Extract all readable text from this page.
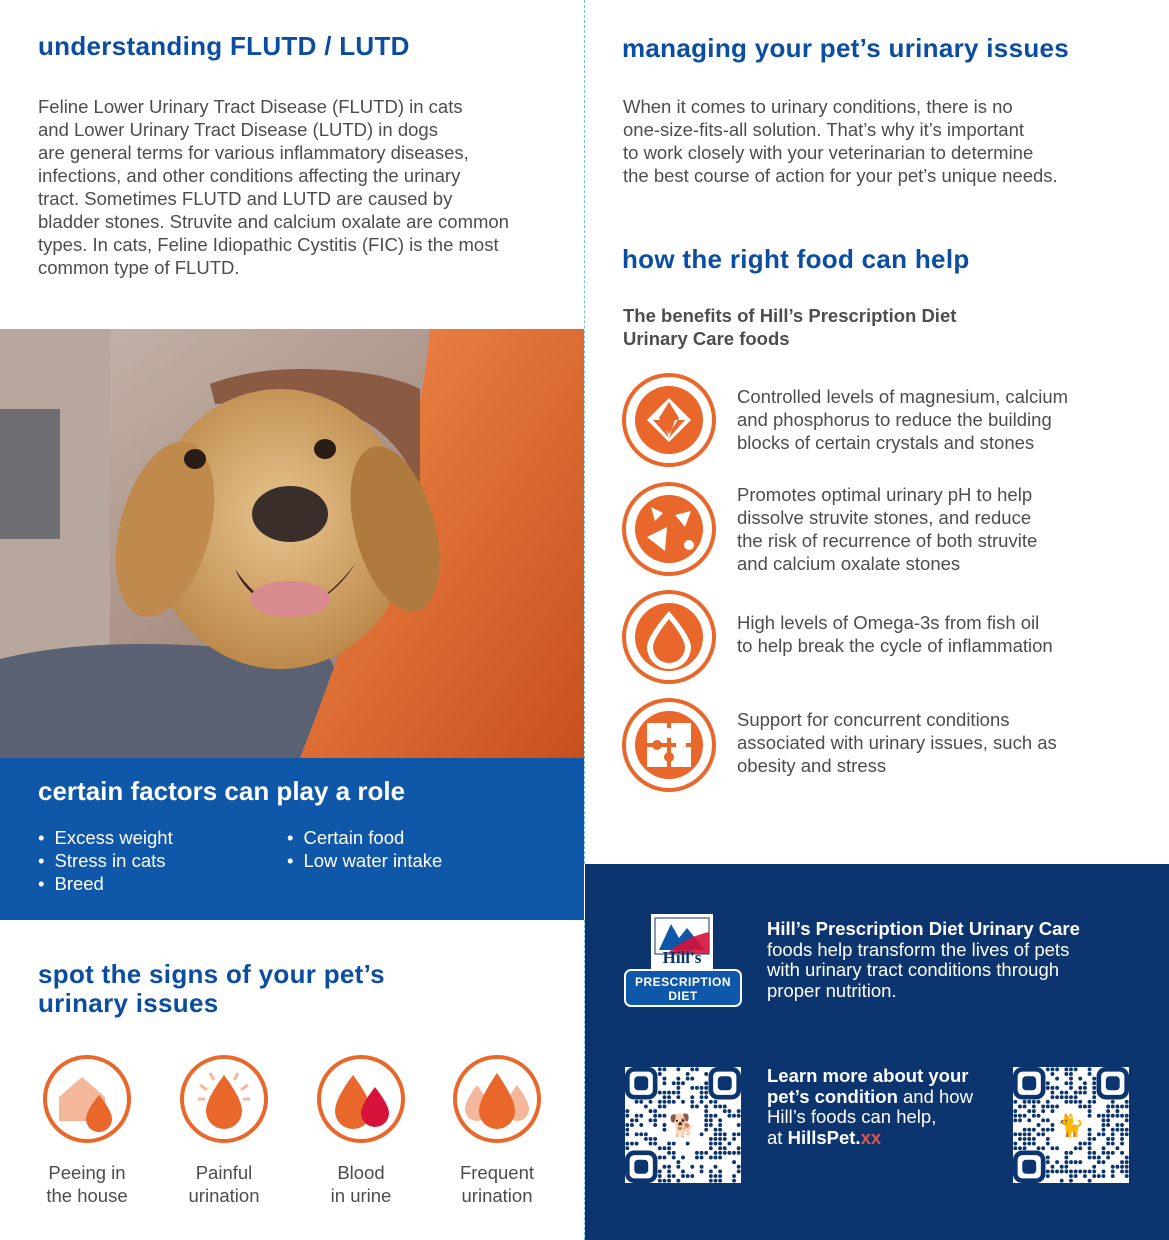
understanding FLUTD / LUTD
Feline Lower Urinary Tract Disease (FLUTD) in cats
and Lower Urinary Tract Disease (LUTD) in dogs
are general terms for various inflammatory diseases,
infections, and other conditions affecting the urinary
tract. Sometimes FLUTD and LUTD are caused by
bladder stones. Struvite and calcium oxalate are common
types. In cats, Feline Idiopathic Cystitis (FIC) is the most
common type of FLUTD.
certain factors can play a role
• Excess weight
• Stress in cats
• Breed
• Certain food
• Low water intake
spot the signs of your pet’s
urinary issues
Peeing in
the house
Painful
urination
Blood
in urine
Frequent
urination
managing your pet’s urinary issues
When it comes to urinary conditions, there is no
one-size-fits-all solution. That’s why it’s important
to work closely with your veterinarian to determine
the best course of action for your pet’s unique needs.
how the right food can help
The benefits of Hill’s Prescription Diet
Urinary Care foods
Controlled levels of magnesium, calcium
and phosphorus to reduce the building
blocks of certain crystals and stones
Promotes optimal urinary pH to help
dissolve struvite stones, and reduce
the risk of recurrence of both struvite
and calcium oxalate stones
High levels of Omega-3s from fish oil
to help break the cycle of inflammation
Support for concurrent conditions
associated with urinary issues, such as
obesity and stress
Hill's
PRESCRIPTION
DIET
Hill’s Prescription Diet Urinary Care
foods help transform the lives of pets
with urinary tract conditions through
proper nutrition.
🐕	🐈
Learn more about your
pet’s condition and how
Hill’s foods can help,
at HillsPet.xx
